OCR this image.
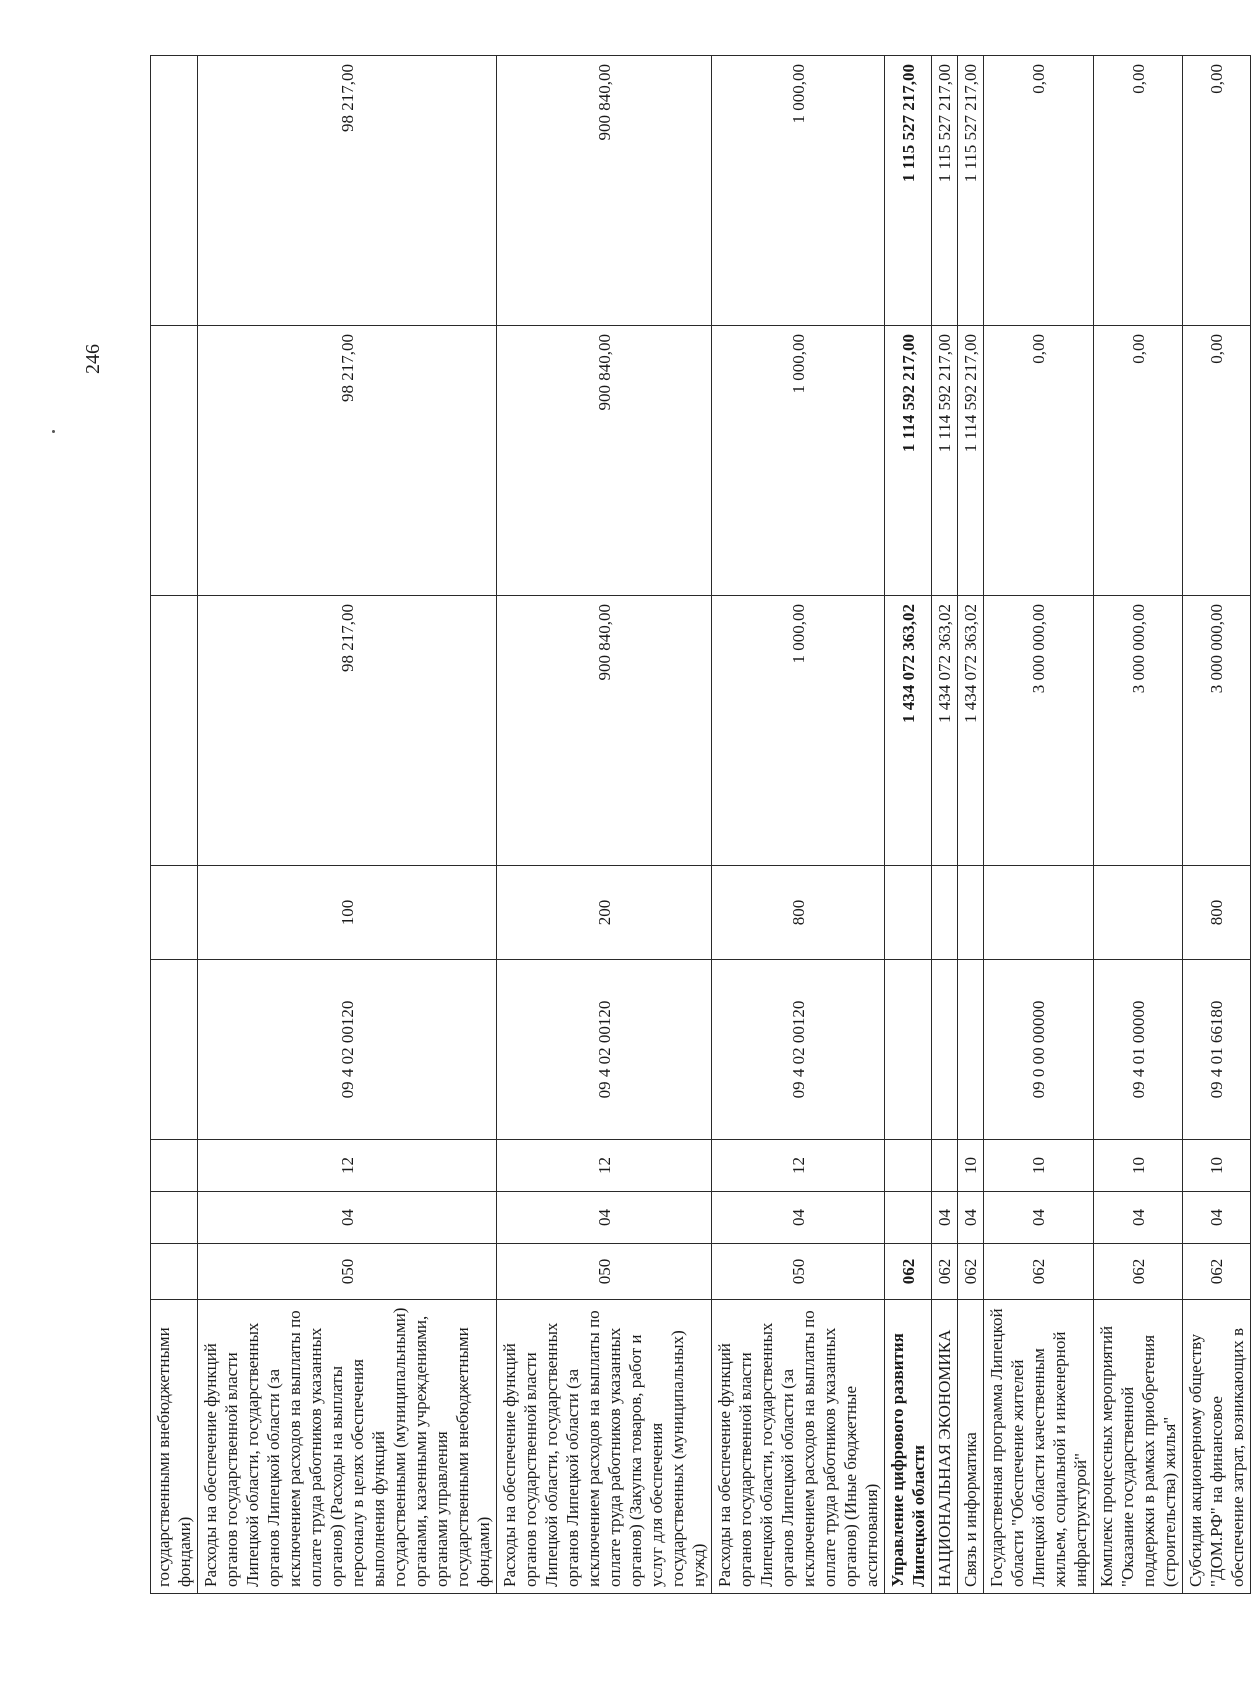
246
государственными внебюджетными фондами)								
Расходы на обеспечение функций органов государственной власти Липецкой области, государственных органов Липецкой области (за исключением расходов на выплаты по оплате труда работников указанных органов) (Расходы на выплаты персоналу в целях обеспечения выполнения функций государственными (муниципальными) органами, казенными учреждениями, органами управления государственными внебюджетными фондами)	050	04	12	09 4 02 00120	100	98 217,00	98 217,00	98 217,00
Расходы на обеспечение функций органов государственной власти Липецкой области, государственных органов Липецкой области (за исключением расходов на выплаты по оплате труда работников указанных органов) (Закупка товаров, работ и услуг для обеспечения государственных (муниципальных) нужд)	050	04	12	09 4 02 00120	200	900 840,00	900 840,00	900 840,00
Расходы на обеспечение функций органов государственной власти Липецкой области, государственных органов Липецкой области (за исключением расходов на выплаты по оплате труда работников указанных органов) (Иные бюджетные ассигнования)	050	04	12	09 4 02 00120	800	1 000,00	1 000,00	1 000,00
Управление цифрового развития Липецкой области	062					1 434 072 363,02	1 114 592 217,00	1 115 527 217,00
НАЦИОНАЛЬНАЯ ЭКОНОМИКА	062	04				1 434 072 363,02	1 114 592 217,00	1 115 527 217,00
Связь и информатика	062	04	10			1 434 072 363,02	1 114 592 217,00	1 115 527 217,00
Государственная программа Липецкой области "Обеспечение жителей Липецкой области качественным жильем, социальной и инженерной инфраструктурой"	062	04	10	09 0 00 00000		3 000 000,00	0,00	0,00
Комплекс процессных мероприятий "Оказание государственной поддержки в рамках приобретения (строительства) жилья"	062	04	10	09 4 01 00000		3 000 000,00	0,00	0,00
Субсидии акционерному обществу "ДОМ.РФ" на финансовое обеспечение затрат, возникающих в	062	04	10	09 4 01 66180	800	3 000 000,00	0,00	0,00
